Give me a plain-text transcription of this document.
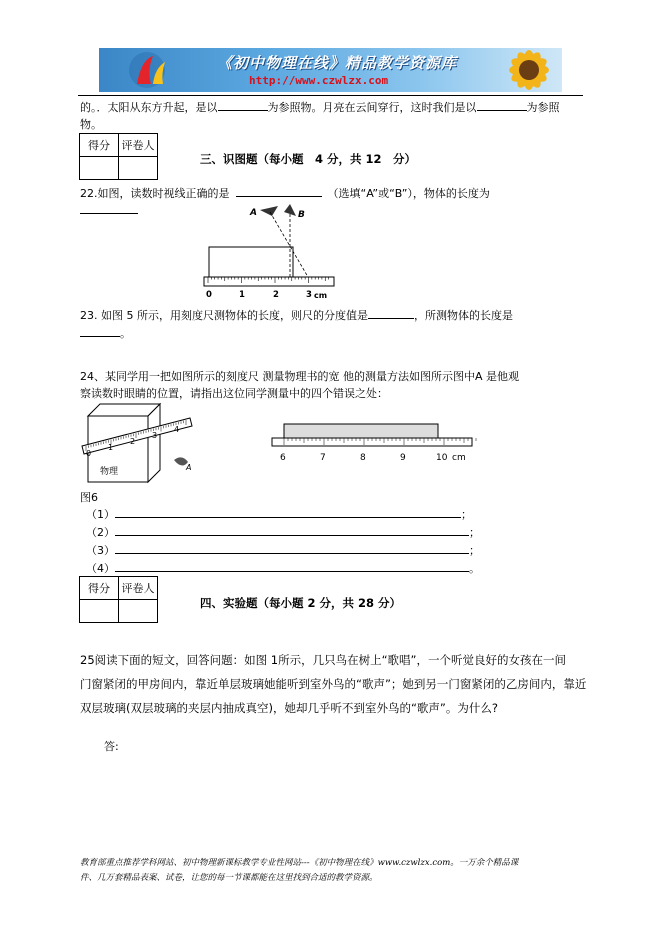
《初中物理在线》精品教学资源库
http://www.czwlzx.com
的。．太阳从东方升起，是以	为参照物。月亮在云间穿行，这时我们是以	为参照
物。
得分	评卷人

三、识图题（每小题　4 分，共 12　分）
22.如图，读数时视线正确的是	（选填“A”或“B”），物体的长度为
A	B
0	1	2	3 cm
23. 如图 5 所示，用刻度尺测物体的长度，则尺的分度值是	，所测物体的长度是
。
24、某同学用一把如图所示的刻度尺 测量物理书的宽 他的测量方法如图所示图中A 是他观
察读数时眼睛的位置，请指出这位同学测量中的四个错误之处：
0
1
2
3
4
物理	A
6	7	8	9	10 cm
图6
（1）	；
（2）	；
（3）	；
（4）	。
得分	评卷人

四、实验题（每小题 2 分，共 28 分）
25阅读下面的短文，回答问题：如图 1所示，几只鸟在树上“歌唱”，一个听觉良好的女孩在一间
门窗紧闭的甲房间内，靠近单层玻璃她能听到室外鸟的“歌声”；她到另一门窗紧闭的乙房间内，靠近
双层玻璃(双层玻璃的夹层内抽成真空)，她却几乎听不到室外鸟的“歌声”。为什么?
答:
教育部重点推荐学科网站、初中物理新课标教学专业性网站---《初中物理在线》www.czwlzx.com。一万余个精品课
件、几万套精品表案、试卷，让您的每一节课都能在这里找到合适的教学资源。
